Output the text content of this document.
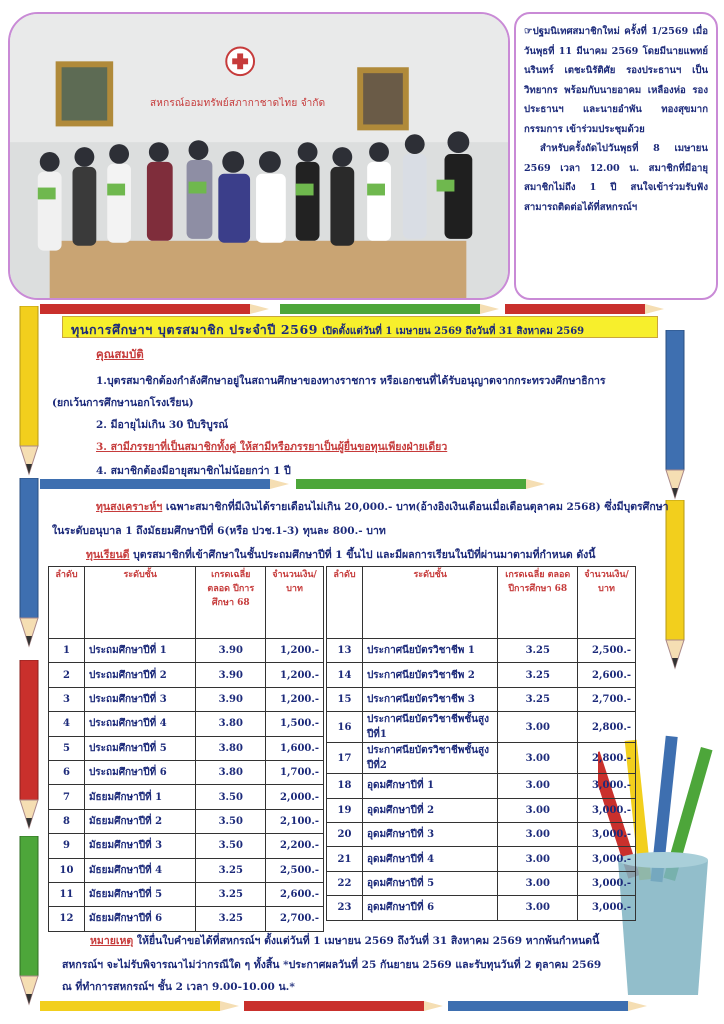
สหกรณ์ออมทรัพย์สภากาชาดไทย จำกัด

☞ปฐมนิเทศสมาชิกใหม่ ครั้งที่ 1/2569 เมื่อวันพุธที่ 11 มีนาคม 2569 โดยมีนายแพทย์นรินทร์ เตชะนิรัติศัย รองประธานฯ เป็นวิทยากร พร้อมกับนายอาคม เหลืองห่อ รองประธานฯ และนายอำพัน ทองสุขมาก กรรมการ เข้าร่วมประชุมด้วย

สำหรับครั้งถัดไปวันพุธที่ 8 เมษายน 2569 เวลา 12.00 น. สมาชิกที่มีอายุสมาชิกไม่ถึง 1 ปี สนใจเข้าร่วมรับฟังสามารถติดต่อได้ที่สหกรณ์ฯ

ทุนการศึกษาฯ บุตรสมาชิก ประจำปี 2569 เปิดตั้งแต่วันที่ 1 เมษายน 2569 ถึงวันที่ 31 สิงหาคม 2569
คุณสมบัติ
1.บุตรสมาชิกต้องกำลังศึกษาอยู่ในสถานศึกษาของทางราชการ หรือเอกชนที่ได้รับอนุญาตจากกระทรวงศึกษาธิการ
(ยกเว้นการศึกษานอกโรงเรียน)
2. มีอายุไม่เกิน 30 ปีบริบูรณ์
3. สามีภรรยาที่เป็นสมาชิกทั้งคู่ ให้สามีหรือภรรยาเป็นผู้ยื่นขอทุนเพียงฝ่ายเดียว
4. สมาชิกต้องมีอายุสมาชิกไม่น้อยกว่า 1 ปี
ทุนสงเคราะห์ฯ เฉพาะสมาชิกที่มีเงินได้รายเดือนไม่เกิน 20,000.- บาท(อ้างอิงเงินเดือนเมื่อเดือนตุลาคม 2568) ซึ่งมีบุตรศึกษา
ในระดับอนุบาล 1 ถึงมัธยมศึกษาปีที่ 6(หรือ ปวช.1-3) ทุนละ 800.- บาท
ทุนเรียนดี บุตรสมาชิกที่เข้าศึกษาในชั้นประถมศึกษาปีที่ 1 ขึ้นไป และมีผลการเรียนในปีที่ผ่านมาตามที่กำหนด ดังนี้
ลำดับ	ระดับชั้น	เกรดเฉลี่ย ตลอด ปีการศึกษา 68	จำนวนเงิน/ บาท
1	ประถมศึกษาปีที่ 1	3.90	1,200.-
2	ประถมศึกษาปีที่ 2	3.90	1,200.-
3	ประถมศึกษาปีที่ 3	3.90	1,200.-
4	ประถมศึกษาปีที่ 4	3.80	1,500.-
5	ประถมศึกษาปีที่ 5	3.80	1,600.-
6	ประถมศึกษาปีที่ 6	3.80	1,700.-
7	มัธยมศึกษาปีที่ 1	3.50	2,000.-
8	มัธยมศึกษาปีที่ 2	3.50	2,100.-
9	มัธยมศึกษาปีที่ 3	3.50	2,200.-
10	มัธยมศึกษาปีที่ 4	3.25	2,500.-
11	มัธยมศึกษาปีที่ 5	3.25	2,600.-
12	มัธยมศึกษาปีที่ 6	3.25	2,700.-
ลำดับ	ระดับชั้น	เกรดเฉลี่ย ตลอด ปีการศึกษา 68	จำนวนเงิน/ บาท
13	ประกาศนียบัตรวิชาชีพ 1	3.25	2,500.-
14	ประกาศนียบัตรวิชาชีพ 2	3.25	2,600.-
15	ประกาศนียบัตรวิชาชีพ 3	3.25	2,700.-
16	ประกาศนียบัตรวิชาชีพชั้นสูงปีที่1	3.00	2,800.-
17	ประกาศนียบัตรวิชาชีพชั้นสูงปีที่2	3.00	2,800.-
18	อุดมศึกษาปีที่ 1	3.00	3,000.-
19	อุดมศึกษาปีที่ 2	3.00	3,000.-
20	อุดมศึกษาปีที่ 3	3.00	3,000.-
21	อุดมศึกษาปีที่ 4	3.00	3,000.-
22	อุดมศึกษาปีที่ 5	3.00	3,000.-
23	อุดมศึกษาปีที่ 6	3.00	3,000.-
หมายเหตุ ให้ยื่นใบคำขอได้ที่สหกรณ์ฯ ตั้งแต่วันที่ 1 เมษายน 2569 ถึงวันที่ 31 สิงหาคม 2569 หากพ้นกำหนดนี้
สหกรณ์ฯ จะไม่รับพิจารณาไม่ว่ากรณีใด ๆ ทั้งสิ้น *ประกาศผลวันที่ 25 กันยายน 2569 และรับทุนวันที่ 2 ตุลาคม 2569
ณ ที่ทำการสหกรณ์ฯ ชั้น 2 เวลา 9.00-10.00 น.*
